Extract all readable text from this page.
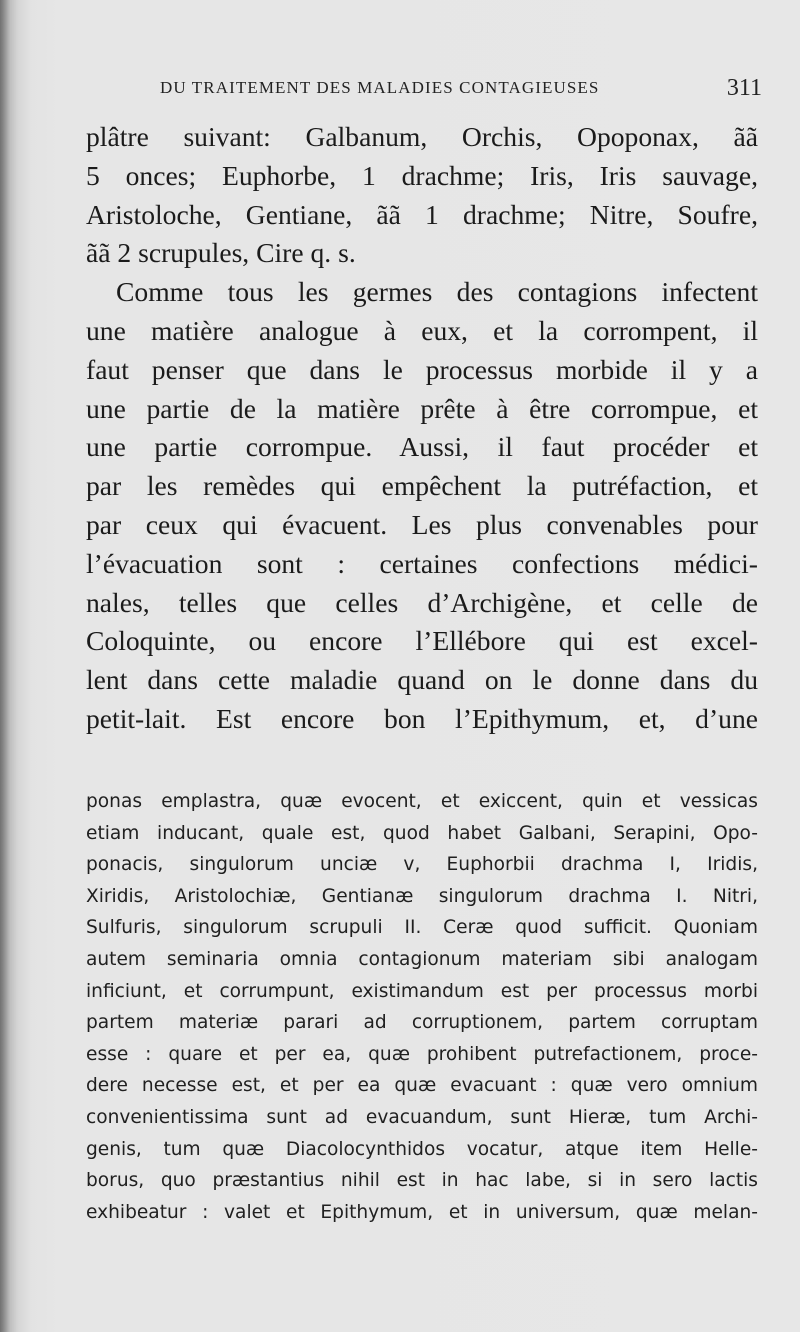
DU TRAITEMENT DES MALADIES CONTAGIEUSES	311
plâtre suivant: Galbanum, Orchis, Opoponax, ãã
5 onces; Euphorbe, 1 drachme; Iris, Iris sauvage,
Aristoloche, Gentiane, ãã 1 drachme; Nitre, Soufre,
ãã 2 scrupules, Cire q. s.
Comme tous les germes des contagions infectent
une matière analogue à eux, et la corrompent, il
faut penser que dans le processus morbide il y a
une partie de la matière prête à être corrompue, et
une partie corrompue. Aussi, il faut procéder et
par les remèdes qui empêchent la putréfaction, et
par ceux qui évacuent. Les plus convenables pour
l’évacuation sont : certaines confections médici-
nales, telles que celles d’Archigène, et celle de
Coloquinte, ou encore l’Ellébore qui est excel-
lent dans cette maladie quand on le donne dans du
petit-lait. Est encore bon l’Epithymum, et, d’une
ponas emplastra, quæ evocent, et exiccent, quin et vessicas
etiam inducant, quale est, quod habet Galbani, Serapini, Opo-
ponacis, singulorum unciæ v, Euphorbii drachma I, Iridis,
Xiridis, Aristolochiæ, Gentianæ singulorum drachma I. Nitri,
Sulfuris, singulorum scrupuli II. Ceræ quod sufficit. Quoniam
autem seminaria omnia contagionum materiam sibi analogam
inficiunt, et corrumpunt, existimandum est per processus morbi
partem materiæ parari ad corruptionem, partem corruptam
esse : quare et per ea, quæ prohibent putrefactionem, proce-
dere necesse est, et per ea quæ evacuant : quæ vero omnium
convenientissima sunt ad evacuandum, sunt Hieræ, tum Archi-
genis, tum quæ Diacolocynthidos vocatur, atque item Helle-
borus, quo præstantius nihil est in hac labe, si in sero lactis
exhibeatur : valet et Epithymum, et in universum, quæ melan-
